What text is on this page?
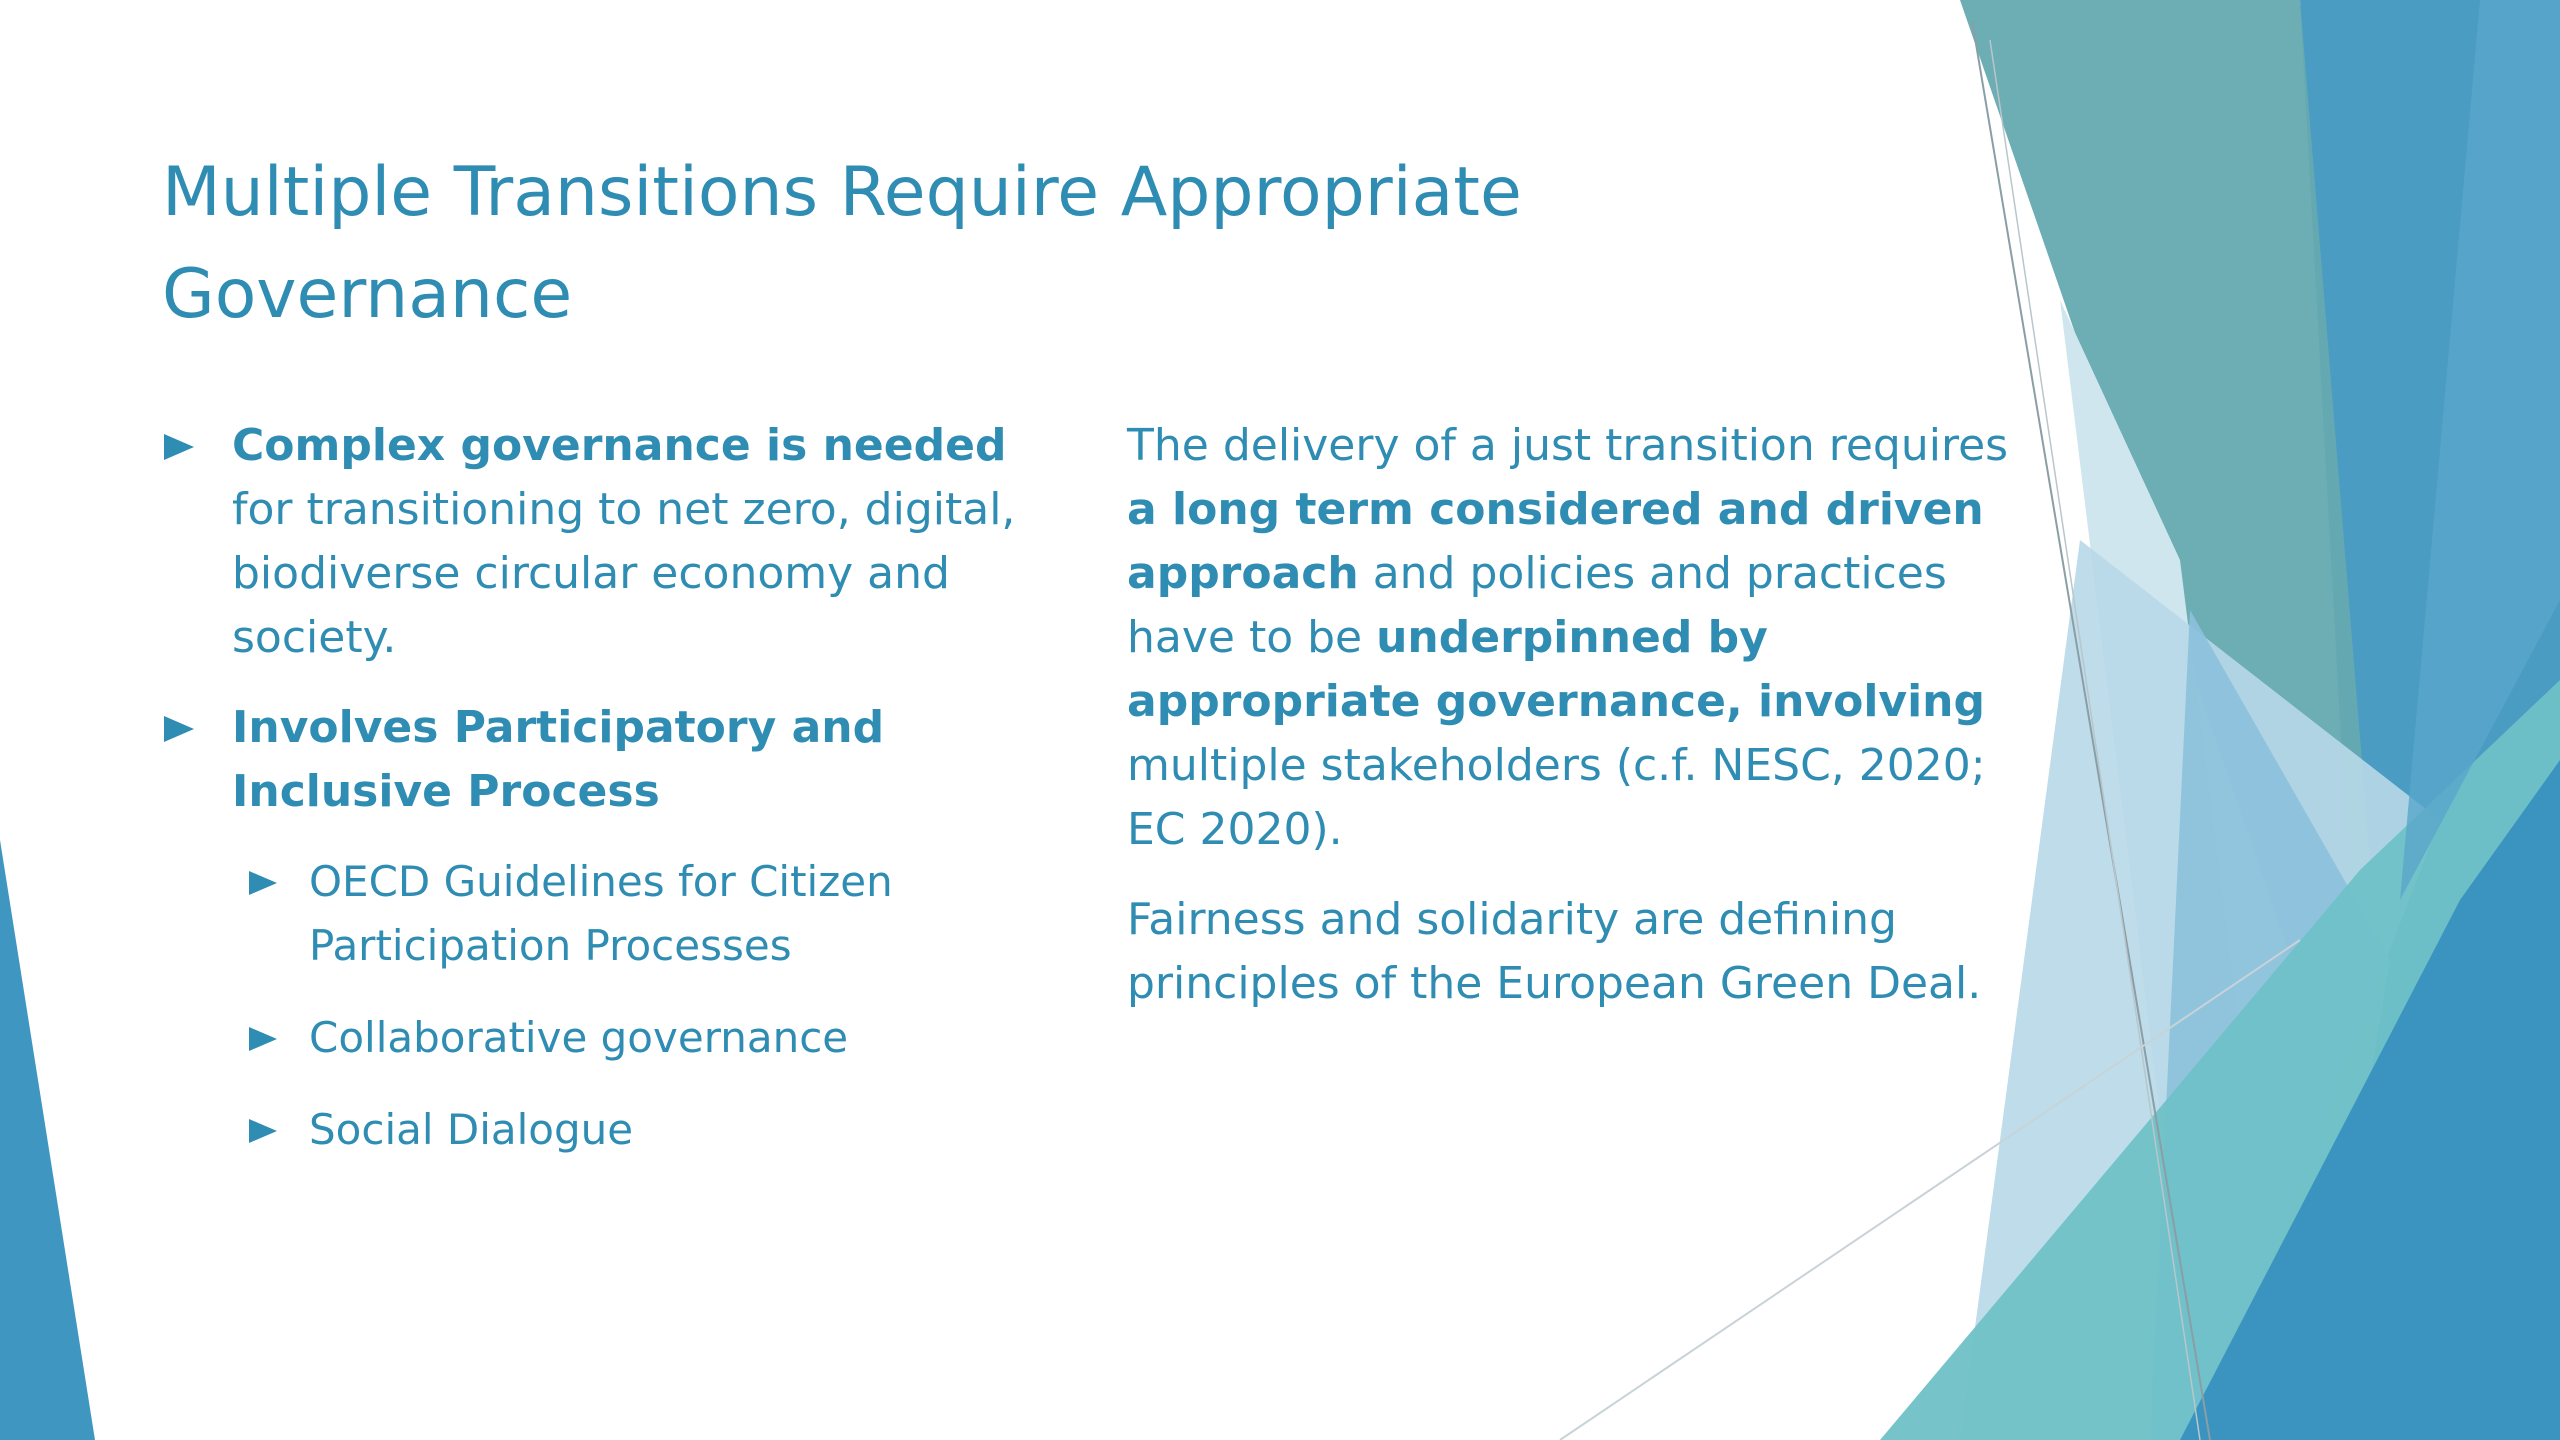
Multiple Transitions Require Appropriate Governance
Complex governance is needed for transitioning to net zero, digital, biodiverse circular economy and society.
Involves Participatory and Inclusive Process
OECD Guidelines for Citizen Participation Processes
Collaborative governance
Social Dialogue

The delivery of a just transition requires a long term considered and driven approach and policies and practices have to be underpinned by appropriate governance, involving multiple stakeholders (c.f. NESC, 2020; EC 2020).

Fairness and solidarity are defining principles of the European Green Deal.
